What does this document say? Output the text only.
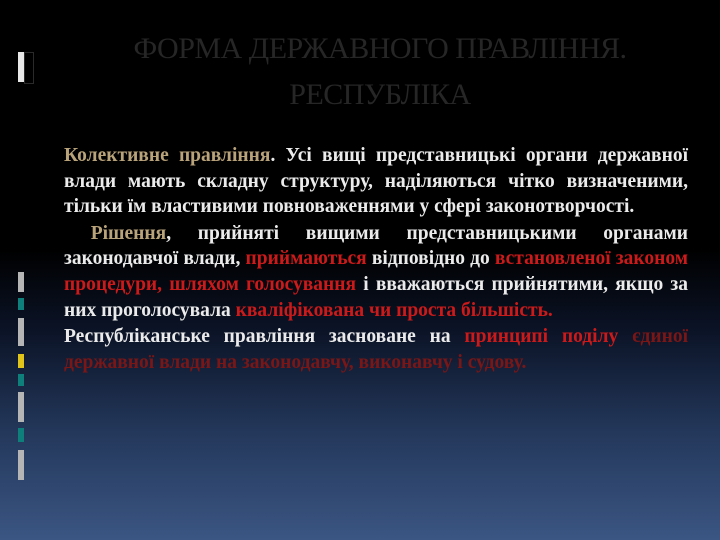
ФОРМА ДЕРЖАВНОГО ПРАВЛІННЯ.
РЕСПУБЛІКА

Колективне правління. Усі вищі представницькі органи державної влади мають складну структуру, наділяються чітко визначеними, тільки їм властивими повноваженнями у сфері законотворчості.

Рішення, прийняті вищими представницькими органами законодавчої влади, приймаються відповідно до встановленої законом процедури, шляхом голосування і вважаються прийнятими, якщо за них проголосувала кваліфікована чи проста більшість.

Республіканське правління засноване на принципі поділу єдиної державної влади на законодавчу, виконавчу і судову.
